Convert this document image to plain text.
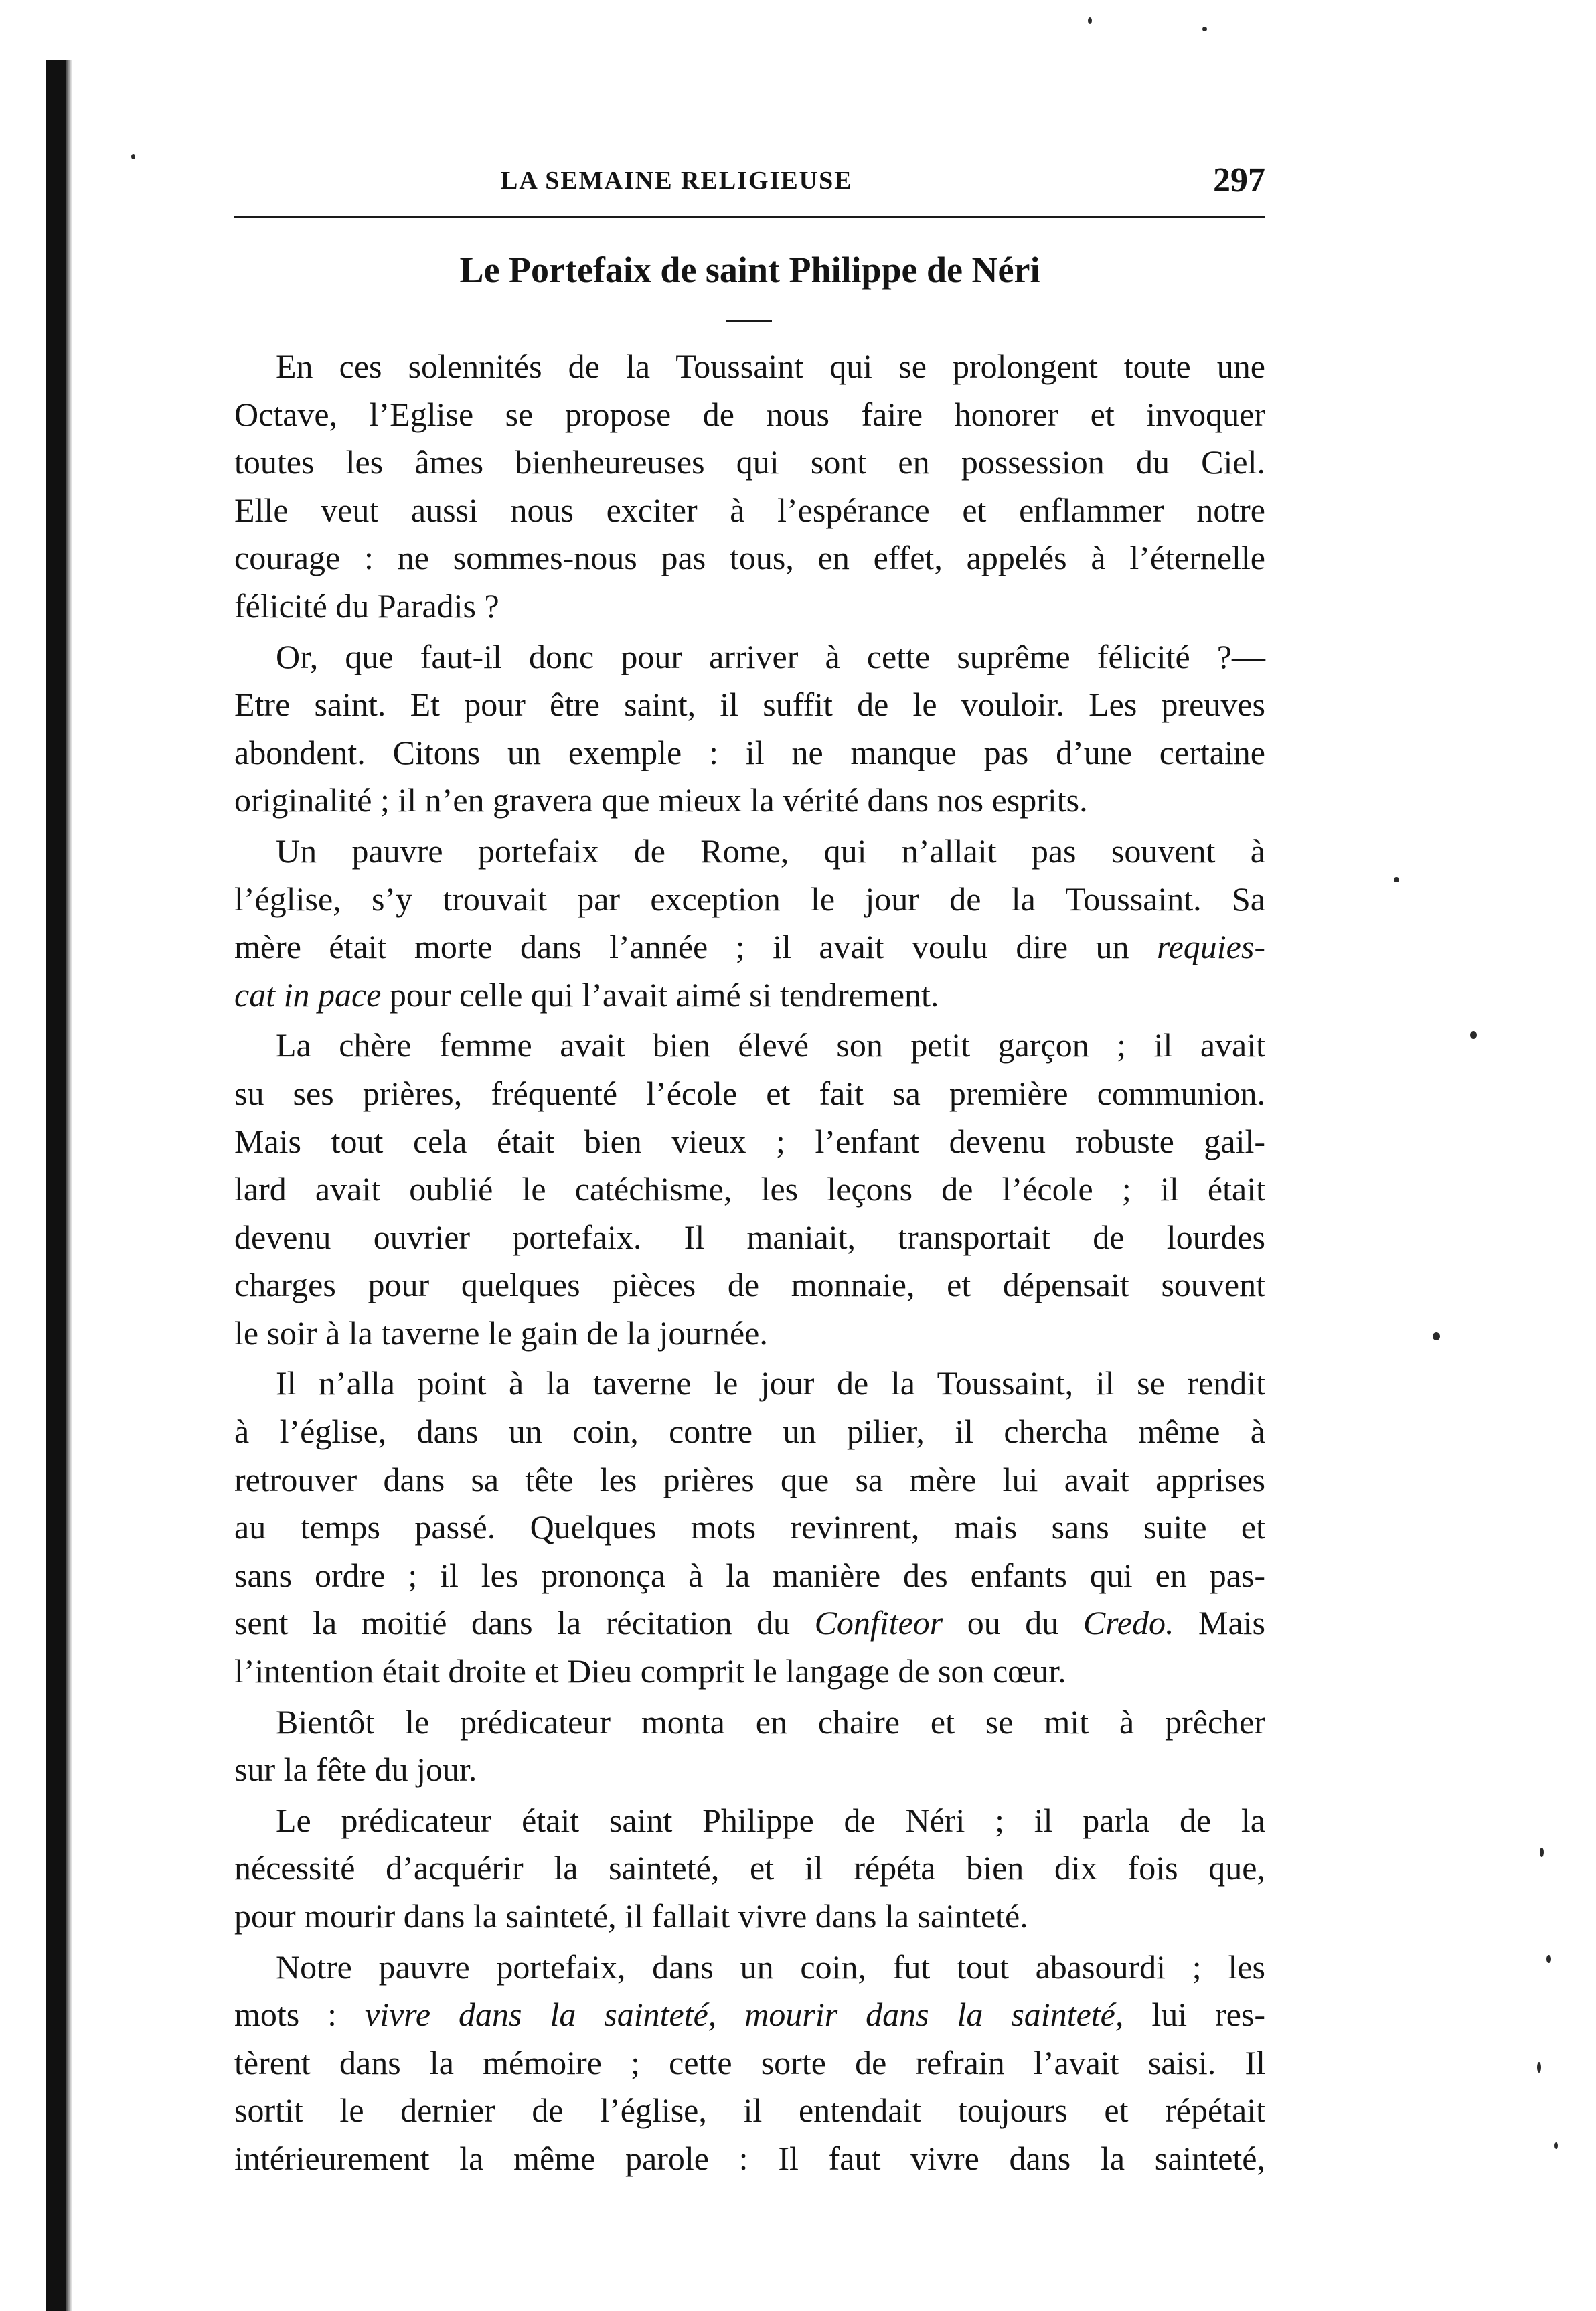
LA SEMAINE RELIGIEUSE	297
Le Portefaix de saint Philippe de Néri
En ces solennités de la Toussaint qui se prolongent toute une
Octave, l’Eglise se propose de nous faire honorer et invoquer
toutes les âmes bienheureuses qui sont en possession du Ciel.
Elle veut aussi nous exciter à l’espérance et enflammer notre
courage : ne sommes-nous pas tous, en effet, appelés à l’éternelle
félicité du Paradis ?
Or, que faut-il donc pour arriver à cette suprême félicité ?—
Etre saint. Et pour être saint, il suffit de le vouloir. Les preuves
abondent. Citons un exemple : il ne manque pas d’une certaine
originalité ; il n’en gravera que mieux la vérité dans nos esprits.
Un pauvre portefaix de Rome, qui n’allait pas souvent à
l’église, s’y trouvait par exception le jour de la Toussaint. Sa
mère était morte dans l’année ; il avait voulu dire un requies-
cat in pace pour celle qui l’avait aimé si tendrement.
La chère femme avait bien élevé son petit garçon ; il avait
su ses prières, fréquenté l’école et fait sa première communion.
Mais tout cela était bien vieux ; l’enfant devenu robuste gail-
lard avait oublié le catéchisme, les leçons de l’école ; il était
devenu ouvrier portefaix. Il maniait, transportait de lourdes
charges pour quelques pièces de monnaie, et dépensait souvent
le soir à la taverne le gain de la journée.
Il n’alla point à la taverne le jour de la Toussaint, il se rendit
à l’église, dans un coin, contre un pilier, il chercha même à
retrouver dans sa tête les prières que sa mère lui avait apprises
au temps passé. Quelques mots revinrent, mais sans suite et
sans ordre ; il les prononça à la manière des enfants qui en pas-
sent la moitié dans la récitation du Confiteor ou du Credo. Mais
l’intention était droite et Dieu comprit le langage de son cœur.
Bientôt le prédicateur monta en chaire et se mit à prêcher
sur la fête du jour.
Le prédicateur était saint Philippe de Néri ; il parla de la
nécessité d’acquérir la sainteté, et il répéta bien dix fois que,
pour mourir dans la sainteté, il fallait vivre dans la sainteté.
Notre pauvre portefaix, dans un coin, fut tout abasourdi ; les
mots : vivre dans la sainteté, mourir dans la sainteté, lui res-
tèrent dans la mémoire ; cette sorte de refrain l’avait saisi. Il
sortit le dernier de l’église, il entendait toujours et répétait
intérieurement la même parole : Il faut vivre dans la sainteté,
